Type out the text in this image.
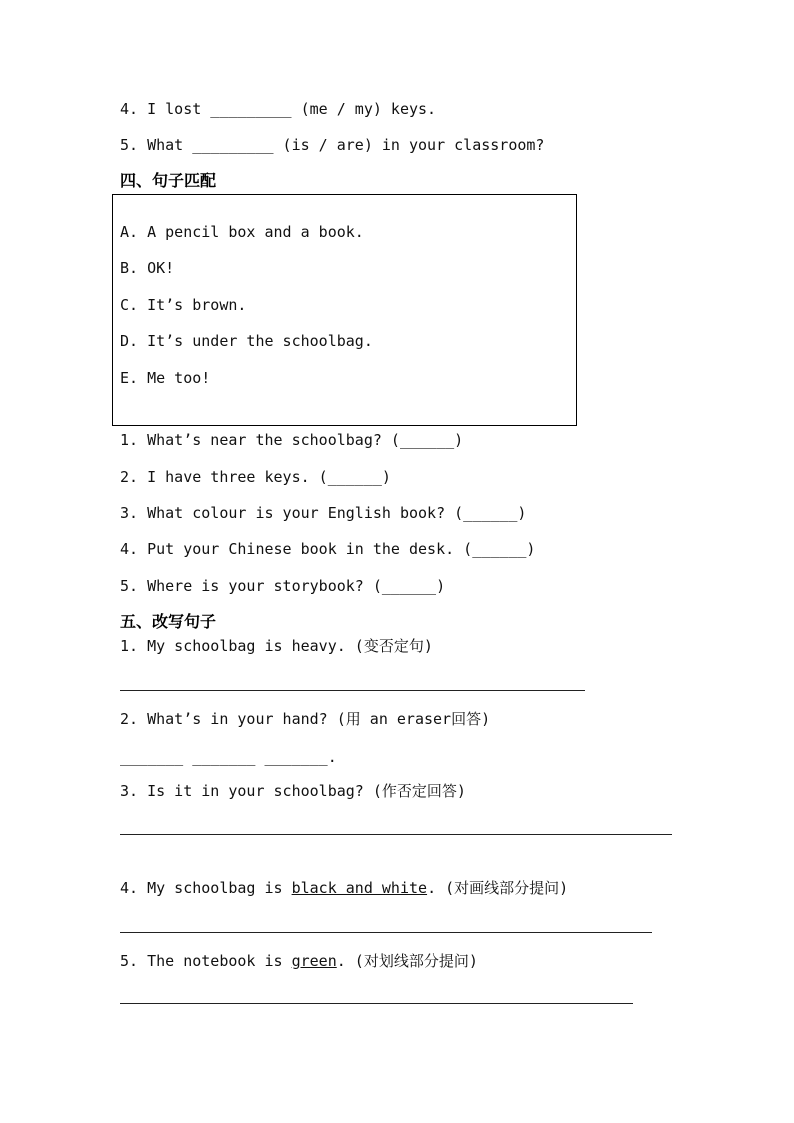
4. I lost _________ (me / my) keys.
5. What _________ (is / are) in your classroom?
四、句子匹配
A. A pencil box and a book.
B. OK!
C. It’s brown.
D. It’s under the schoolbag.
E. Me too!
1. What’s near the schoolbag? (______)
2. I have three keys. (______)
3. What colour is your English book? (______)
4. Put your Chinese book in the desk. (______)
5. Where is your storybook? (______)
五、改写句子
1. My schoolbag is heavy. (变否定句)
2. What’s in your hand? (用 an eraser回答)
_______ _______ _______.
3. Is it in your schoolbag? (作否定回答)
4. My schoolbag is black and white. (对画线部分提问)
5. The notebook is green. (对划线部分提问)
